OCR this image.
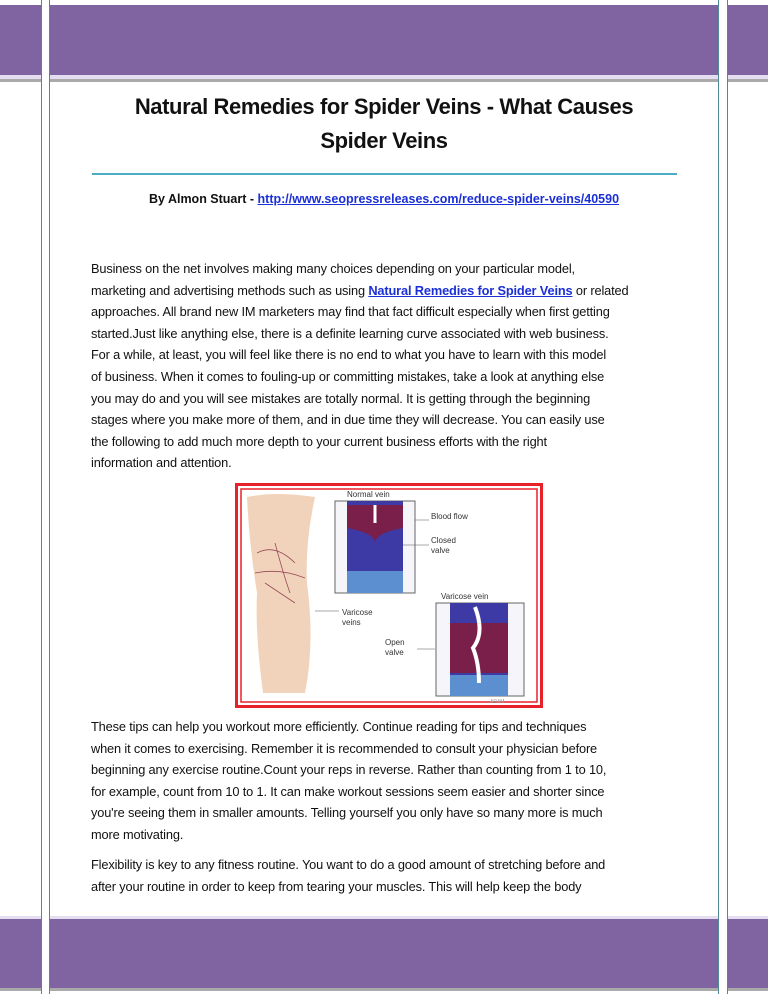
Natural Remedies for Spider Veins - What Causes
Spider Veins
By Almon Stuart - http://www.seopressreleases.com/reduce-spider-veins/40590
Business on the net involves making many choices depending on your particular model,
marketing and advertising methods such as using Natural Remedies for Spider Veins or related
approaches. All brand new IM marketers may find that fact difficult especially when first getting
started.Just like anything else, there is a definite learning curve associated with web business.
For a while, at least, you will feel like there is no end to what you have to learn with this model
of business. When it comes to fouling-up or committing mistakes, take a look at anything else
you may do and you will see mistakes are totally normal. It is getting through the beginning
stages where you make more of them, and in due time they will decrease. You can easily use
the following to add much more depth to your current business efforts with the right
information and attention.
Normal vein
Blood flow
Closed
valve
Varicose vein
Varicose
veins
Open
valve
ADAM
These tips can help you workout more efficiently. Continue reading for tips and techniques
when it comes to exercising. Remember it is recommended to consult your physician before
beginning any exercise routine.Count your reps in reverse. Rather than counting from 1 to 10,
for example, count from 10 to 1. It can make workout sessions seem easier and shorter since
you're seeing them in smaller amounts. Telling yourself you only have so many more is much
more motivating.
Flexibility is key to any fitness routine. You want to do a good amount of stretching before and
after your routine in order to keep from tearing your muscles. This will help keep the body
